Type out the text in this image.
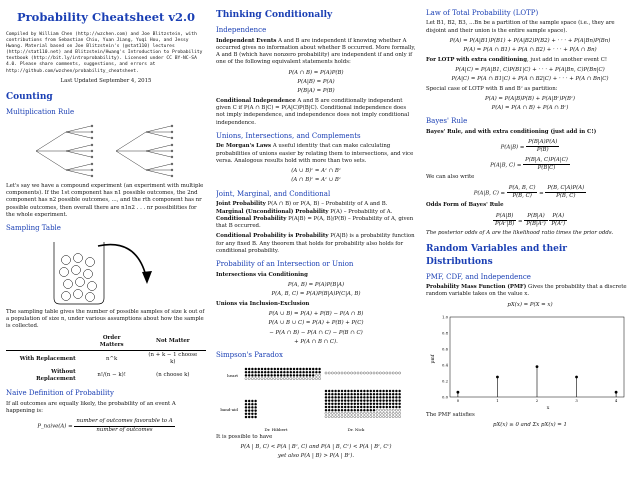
Probability Cheatsheet v2.0

Compiled by William Chen (http://wzchen.com) and Joe Blitzstein, with contributions from Sebastian Chiu, Yuan Jiang, Yuqi Hou, and Jessy Hwang. Material based on Joe Blitzstein's (@stat110) lectures (http://stat110.net) and Blitzstein/Hwang's Introduction to Probability textbook (http://bit.ly/introprobability). Licensed under CC BY-NC-SA 4.0. Please share comments, suggestions, and errors at http://github.com/wzchen/probability_cheatsheet.

Last Updated September 4, 2015

Counting
Multiplication Rule

Let's say we have a compound experiment (an experiment with multiple components). If the 1st component has n1 possible outcomes, the 2nd component has n2 possible outcomes, ..., and the rth component has nr possible outcomes, then overall there are n1n2 . . . nr possibilities for the whole experiment.

Sampling Table

The sampling table gives the number of possible samples of size k out of a population of size n, under various assumptions about how the sample is collected.

	Order Matters	Not Matter
With Replacement	n^k	(n + k − 1 choose k)
Without Replacement	n!/(n − k)!	(n choose k)
Naive Definition of Probability

If all outcomes are equally likely, the probability of an event A happening is:

P_naive(A) = $\frac{\text{number of outcomes favorable to A}}{\text{number of outcomes}}$
Thinking Conditionally
Independence

Independent Events A and B are independent if knowing whether A occurred gives no information about whether B occurred. More formally, A and B (which have nonzero probability) are independent if and only if one of the following equivalent statements holds:

P(A ∩ B) = P(A)P(B)
P(A|B) = P(A)
P(B|A) = P(B)

Conditional Independence A and B are conditionally independent given C if P(A ∩ B|C) = P(A|C)P(B|C). Conditional independence does not imply independence, and independence does not imply conditional independence.

Unions, Intersections, and Complements

De Morgan's Laws A useful identity that can make calculating probabilities of unions easier by relating them to intersections, and vice versa. Analogous results hold with more than two sets.

(A ∪ B)ᶜ = Aᶜ ∩ Bᶜ
(A ∩ B)ᶜ = Aᶜ ∪ Bᶜ
Joint, Marginal, and Conditional

Joint Probability P(A ∩ B) or P(A, B) – Probability of A and B.
Marginal (Unconditional) Probability P(A) – Probability of A.
Conditional Probability P(A|B) = P(A, B)/P(B) – Probability of A, given that B occurred.

Conditional Probability is Probability P(A|B) is a probability function for any fixed B. Any theorem that holds for probability also holds for conditional probability.

Probability of an Intersection or Union

Intersections via Conditioning

P(A, B) = P(A)P(B|A)
P(A, B, C) = P(A)P(B|A)P(C|A, B)

Unions via Inclusion-Exclusion

P(A ∪ B) = P(A) + P(B) − P(A ∩ B)
P(A ∪ B ∪ C) = P(A) + P(B) + P(C)
− P(A ∩ B) − P(A ∩ C) − P(B ∩ C)
+ P(A ∩ B ∩ C).
Simpson's Paradox
heart
band-aid
Dr. Hibbert	Dr. Nick

It is possible to have

P(A | B, C) < P(A | Bᶜ, C) and P(A | B, Cᶜ) < P(A | Bᶜ, Cᶜ)
yet also P(A | B) > P(A | Bᶜ).
Law of Total Probability (LOTP)

Let B1, B2, B3, ...Bn be a partition of the sample space (i.e., they are disjoint and their union is the entire sample space).

P(A) = P(A|B1)P(B1) + P(A|B2)P(B2) + · · · + P(A|Bn)P(Bn)
P(A) = P(A ∩ B1) + P(A ∩ B2) + · · · + P(A ∩ Bn)

For LOTP with extra conditioning, just add in another event C!

P(A|C) = P(A|B1, C)P(B1|C) + · · · + P(A|Bn, C)P(Bn|C)
P(A|C) = P(A ∩ B1|C) + P(A ∩ B2|C) + · · · + P(A ∩ Bn|C)

Special case of LOTP with B and Bᶜ as partition:

P(A) = P(A|B)P(B) + P(A|Bᶜ)P(Bᶜ)
P(A) = P(A ∩ B) + P(A ∩ Bᶜ)
Bayes' Rule

Bayes' Rule, and with extra conditioning (just add in C!)

$P(A|B) = \frac{P(B|A)P(A)}{P(B)}$
P(A|B, $C) = \frac{P(B|A, C)P(A|C)}{P(B|C)}$

We can also write

P(A|B, $C) = \frac{P(A, B, C)}{P(B, C)} = \frac{P(B, C|A)P(A)}{P(B, C)}$

Odds Form of Bayes' Rule

$\frac{P(A|B)}{\text{P(Aᶜ|B)}} = \frac{P(B|A)}{\text{P(B|Aᶜ)}}$
$\frac{P(A)}{\text{P(Aᶜ)}}$

The posterior odds of A are the likelihood ratio times the prior odds.

Random Variables and their Distributions
PMF, CDF, and Independence

Probability Mass Function (PMF) Gives the probability that a discrete random variable takes on the value x.

pX(x) = P(X = x)
0.0
0.2
0.4
0.6
0.8
1.0
0	1	2	3	4
pmf
x

The PMF satisfies

pX(x) ≥ 0 and Σx pX(x) = 1
